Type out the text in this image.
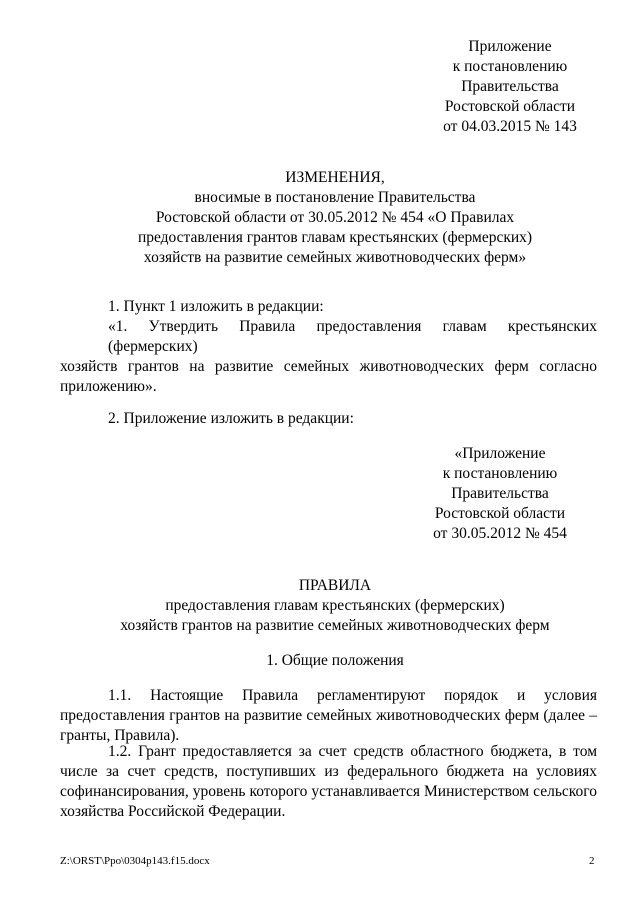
Приложение
к постановлению
Правительства
Ростовской области
от 04.03.2015 № 143
ИЗМЕНЕНИЯ,
вносимые в постановление Правительства
Ростовской области от 30.05.2012 № 454 «О Правилах
предоставления грантов главам крестьянских (фермерских)
хозяйств на развитие семейных животноводческих ферм»
1. Пункт 1 изложить в редакции:
«1. Утвердить Правила предоставления главам крестьянских (фермерских)
хозяйств грантов на развитие семейных животноводческих ферм согласно
приложению».
2. Приложение изложить в редакции:
«Приложение
к постановлению
Правительства
Ростовской области
от 30.05.2012 № 454
ПРАВИЛА
предоставления главам крестьянских (фермерских)
хозяйств грантов на развитие семейных животноводческих ферм
1. Общие положения
1.1. Настоящие Правила регламентируют порядок и условия
предоставления грантов на развитие семейных животноводческих ферм (далее –
гранты, Правила).
1.2. Грант предоставляется за счет средств областного бюджета, в том
числе за счет средств, поступивших из федерального бюджета на условиях
софинансирования, уровень которого устанавливается Министерством сельского
хозяйства Российской Федерации.
Z:\ORST\Ppo\0304p143.f15.docx	2
